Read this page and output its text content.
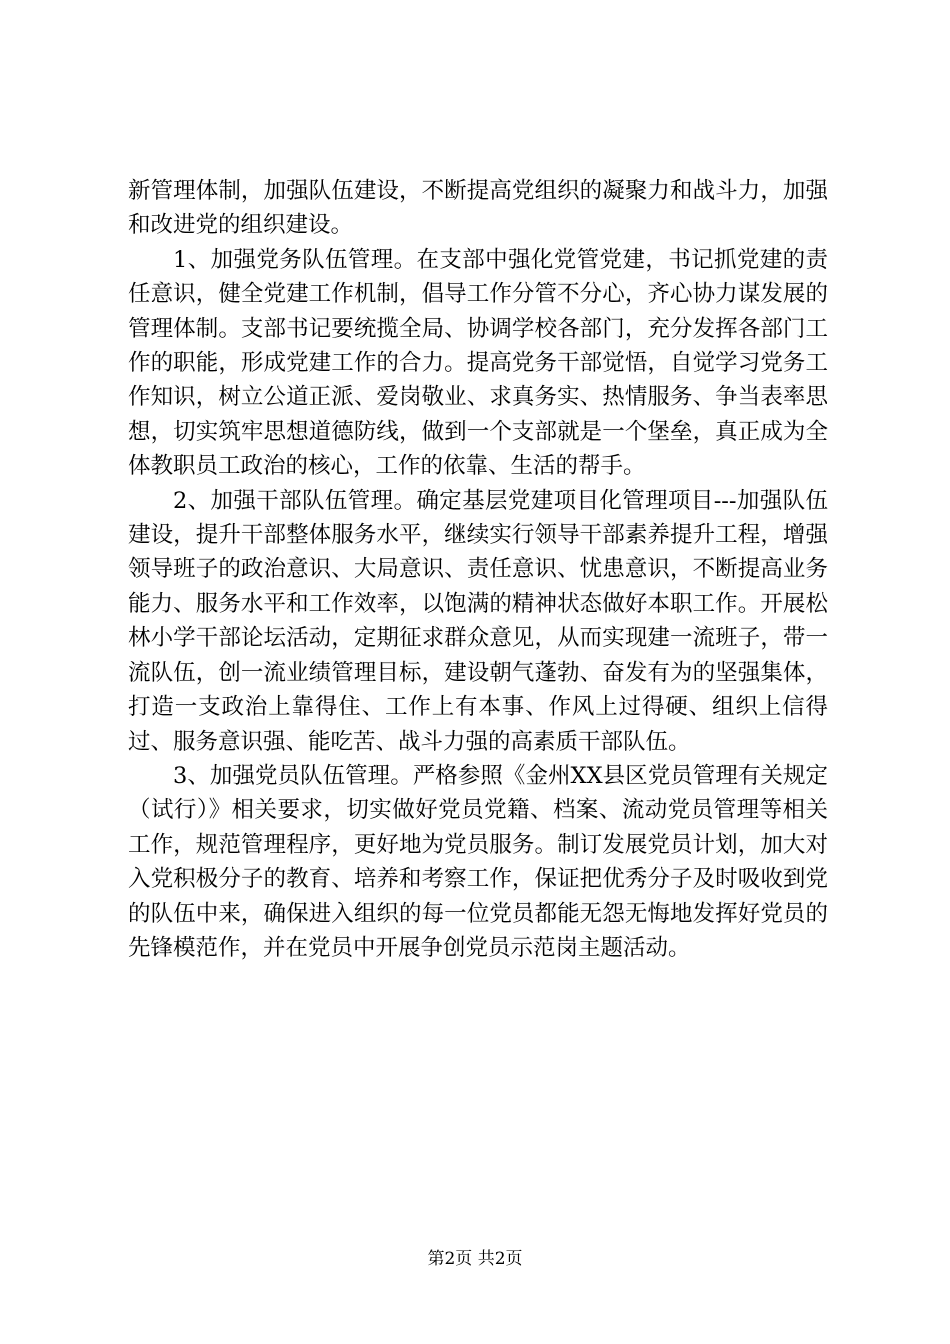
新管理体制，加强队伍建设，不断提高党组织的凝聚力和战斗力，加强和改进党的组织建设。

1、加强党务队伍管理。在支部中强化党管党建，书记抓党建的责任意识，健全党建工作机制，倡导工作分管不分心，齐心协力谋发展的管理体制。支部书记要统揽全局、协调学校各部门，充分发挥各部门工作的职能，形成党建工作的合力。提高党务干部觉悟，自觉学习党务工作知识，树立公道正派、爱岗敬业、求真务实、热情服务、争当表率思想，切实筑牢思想道德防线，做到一个支部就是一个堡垒，真正成为全体教职员工政治的核心，工作的依靠、生活的帮手。

2、加强干部队伍管理。确定基层党建项目化管理项目---加强队伍建设，提升干部整体服务水平，继续实行领导干部素养提升工程，增强领导班子的政治意识、大局意识、责任意识、忧患意识，不断提高业务能力、服务水平和工作效率，以饱满的精神状态做好本职工作。开展松林小学干部论坛活动，定期征求群众意见，从而实现建一流班子，带一流队伍，创一流业绩管理目标，建设朝气蓬勃、奋发有为的坚强集体，打造一支政治上靠得住、工作上有本事、作风上过得硬、组织上信得过、服务意识强、能吃苦、战斗力强的高素质干部队伍。

3、加强党员队伍管理。严格参照《金州XX县区党员管理有关规定（试行）》相关要求，切实做好党员党籍、档案、流动党员管理等相关工作，规范管理程序，更好地为党员服务。制订发展党员计划，加大对入党积极分子的教育、培养和考察工作，保证把优秀分子及时吸收到党的队伍中来，确保进入组织的每一位党员都能无怨无悔地发挥好党员的先锋模范作，并在党员中开展争创党员示范岗主题活动。

第2页 共2页
